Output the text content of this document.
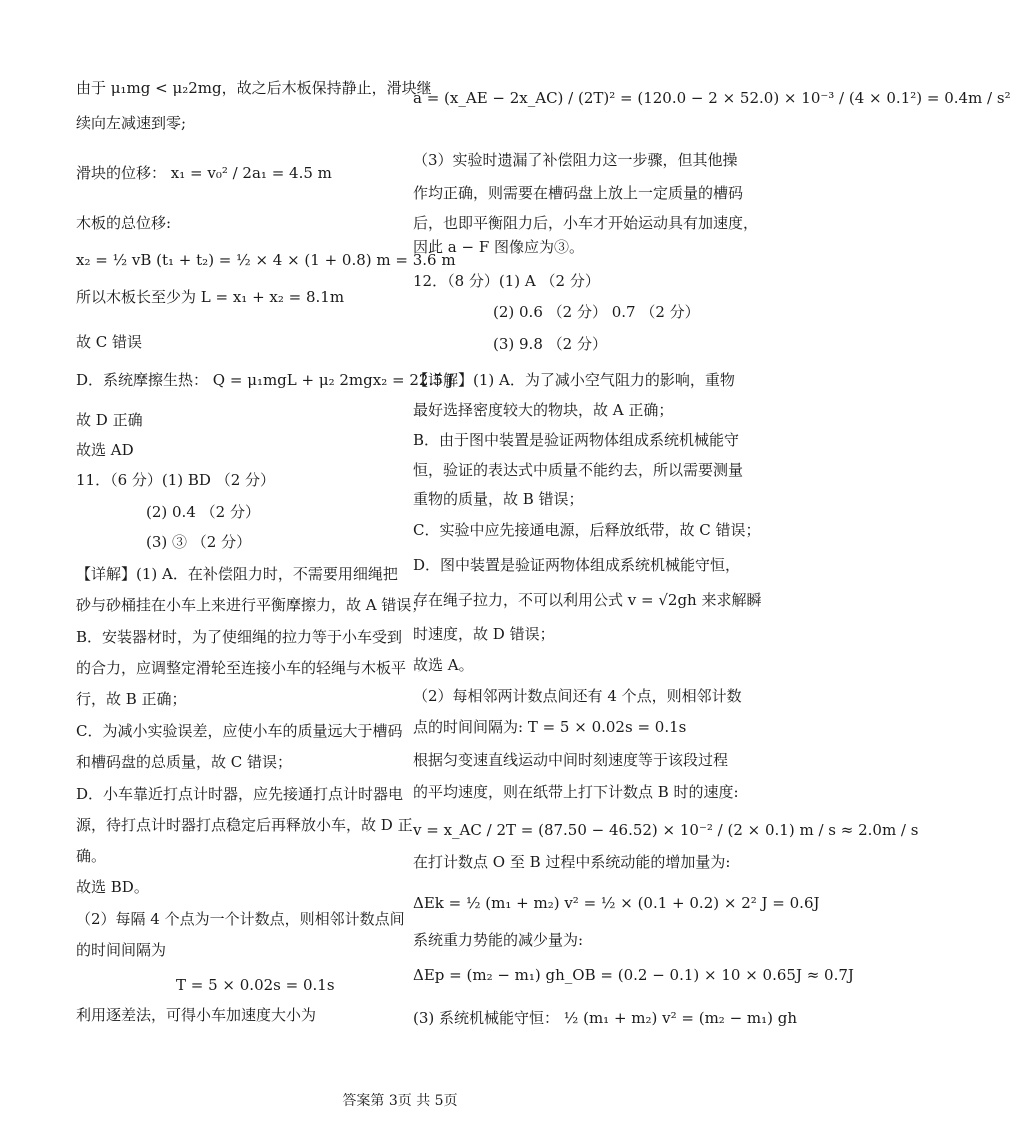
由于 μ₁mg < μ₂2mg，故之后木板保持静止，滑块继
续向左减速到零;
滑块的位移： x₁ = v₀² / 2a₁ = 4.5 m
木板的总位移:
x₂ = ½ vB (t₁ + t₂) = ½ × 4 × (1 + 0.8) m = 3.6 m
所以木板长至少为 L = x₁ + x₂ = 8.1m
故 C 错误
D．系统摩擦生热： Q = μ₁mgL + μ₂ 2mgx₂ = 22.5 J
故 D 正确
故选 AD
11．（6 分）(1) BD （2 分）
(2) 0.4 （2 分）
(3) ③ （2 分）
【详解】(1) A．在补偿阻力时，不需要用细绳把
砂与砂桶挂在小车上来进行平衡摩擦力，故 A 错误；
B．安装器材时，为了使细绳的拉力等于小车受到
的合力，应调整定滑轮至连接小车的轻绳与木板平
行，故 B 正确；
C．为减小实验误差，应使小车的质量远大于槽码
和槽码盘的总质量，故 C 错误；
D．小车靠近打点计时器，应先接通打点计时器电
源，待打点计时器打点稳定后再释放小车，故 D 正
确。
故选 BD。
（2）每隔 4 个点为一个计数点，则相邻计数点间
的时间间隔为
T = 5 × 0.02s = 0.1s
利用逐差法，可得小车加速度大小为
a = (x_AE − 2x_AC) / (2T)² = (120.0 − 2 × 52.0) × 10⁻³ / (4 × 0.1²) = 0.4m / s²
（3）实验时遗漏了补偿阻力这一步骤，但其他操
作均正确，则需要在槽码盘上放上一定质量的槽码
后，也即平衡阻力后，小车才开始运动具有加速度，
因此 a − F 图像应为③。
12．（8 分）(1) A （2 分）
(2) 0.6 （2 分） 0.7 （2 分）
(3) 9.8 （2 分）
【详解】(1) A．为了减小空气阻力的影响，重物
最好选择密度较大的物块，故 A 正确；
B．由于图中装置是验证两物体组成系统机械能守
恒，验证的表达式中质量不能约去，所以需要测量
重物的质量，故 B 错误；
C．实验中应先接通电源，后释放纸带，故 C 错误；
D．图中装置是验证两物体组成系统机械能守恒，
存在绳子拉力，不可以利用公式 v = √2gh 来求解瞬
时速度，故 D 错误；
故选 A。
（2）每相邻两计数点间还有 4 个点，则相邻计数
点的时间间隔为: T = 5 × 0.02s = 0.1s
根据匀变速直线运动中间时刻速度等于该段过程
的平均速度，则在纸带上打下计数点 B 时的速度:
v = x_AC / 2T = (87.50 − 46.52) × 10⁻² / (2 × 0.1) m / s ≈ 2.0m / s
在打计数点 O 至 B 过程中系统动能的增加量为:
ΔEk = ½ (m₁ + m₂) v² = ½ × (0.1 + 0.2) × 2² J = 0.6J
系统重力势能的减少量为:
ΔEp = (m₂ − m₁) gh_OB = (0.2 − 0.1) × 10 × 0.65J ≈ 0.7J
(3) 系统机械能守恒： ½ (m₁ + m₂) v² = (m₂ − m₁) gh
答案第 3页 共 5页
